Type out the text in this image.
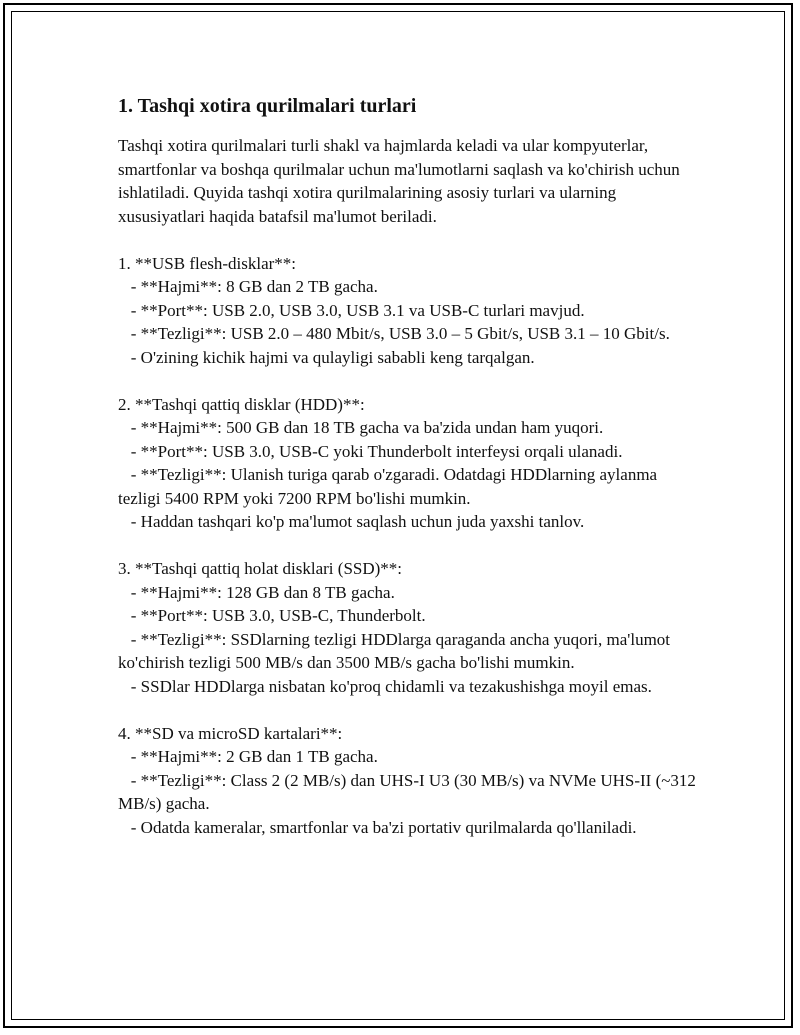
1. Tashqi xotira qurilmalari turlari

Tashqi xotira qurilmalari turli shakl va hajmlarda keladi va ular kompyuterlar, smartfonlar va boshqa qurilmalar uchun ma'lumotlarni saqlash va ko'chirish uchun ishlatiladi. Quyida tashqi xotira qurilmalarining asosiy turlari va ularning xususiyatlari haqida batafsil ma'lumot beriladi.

1. **USB flesh-disklar**:

- **Hajmi**: 8 GB dan 2 TB gacha.

- **Port**: USB 2.0, USB 3.0, USB 3.1 va USB-C turlari mavjud.

- **Tezligi**: USB 2.0 – 480 Mbit/s, USB 3.0 – 5 Gbit/s, USB 3.1 – 10 Gbit/s.

- O'zining kichik hajmi va qulayligi sababli keng tarqalgan.

2. **Tashqi qattiq disklar (HDD)**:

- **Hajmi**: 500 GB dan 18 TB gacha va ba'zida undan ham yuqori.

- **Port**: USB 3.0, USB-C yoki Thunderbolt interfeysi orqali ulanadi.

- **Tezligi**: Ulanish turiga qarab o'zgaradi. Odatdagi HDDlarning aylanma tezligi 5400 RPM yoki 7200 RPM bo'lishi mumkin.

- Haddan tashqari ko'p ma'lumot saqlash uchun juda yaxshi tanlov.

3. **Tashqi qattiq holat disklari (SSD)**:

- **Hajmi**: 128 GB dan 8 TB gacha.

- **Port**: USB 3.0, USB-C, Thunderbolt.

- **Tezligi**: SSDlarning tezligi HDDlarga qaraganda ancha yuqori, ma'lumot ko'chirish tezligi 500 MB/s dan 3500 MB/s gacha bo'lishi mumkin.

- SSDlar HDDlarga nisbatan ko'proq chidamli va tezakushishga moyil emas.

4. **SD va microSD kartalari**:

- **Hajmi**: 2 GB dan 1 TB gacha.

- **Tezligi**: Class 2 (2 MB/s) dan UHS-I U3 (30 MB/s) va NVMe UHS-II (~312 MB/s) gacha.

- Odatda kameralar, smartfonlar va ba'zi portativ qurilmalarda qo'llaniladi.
